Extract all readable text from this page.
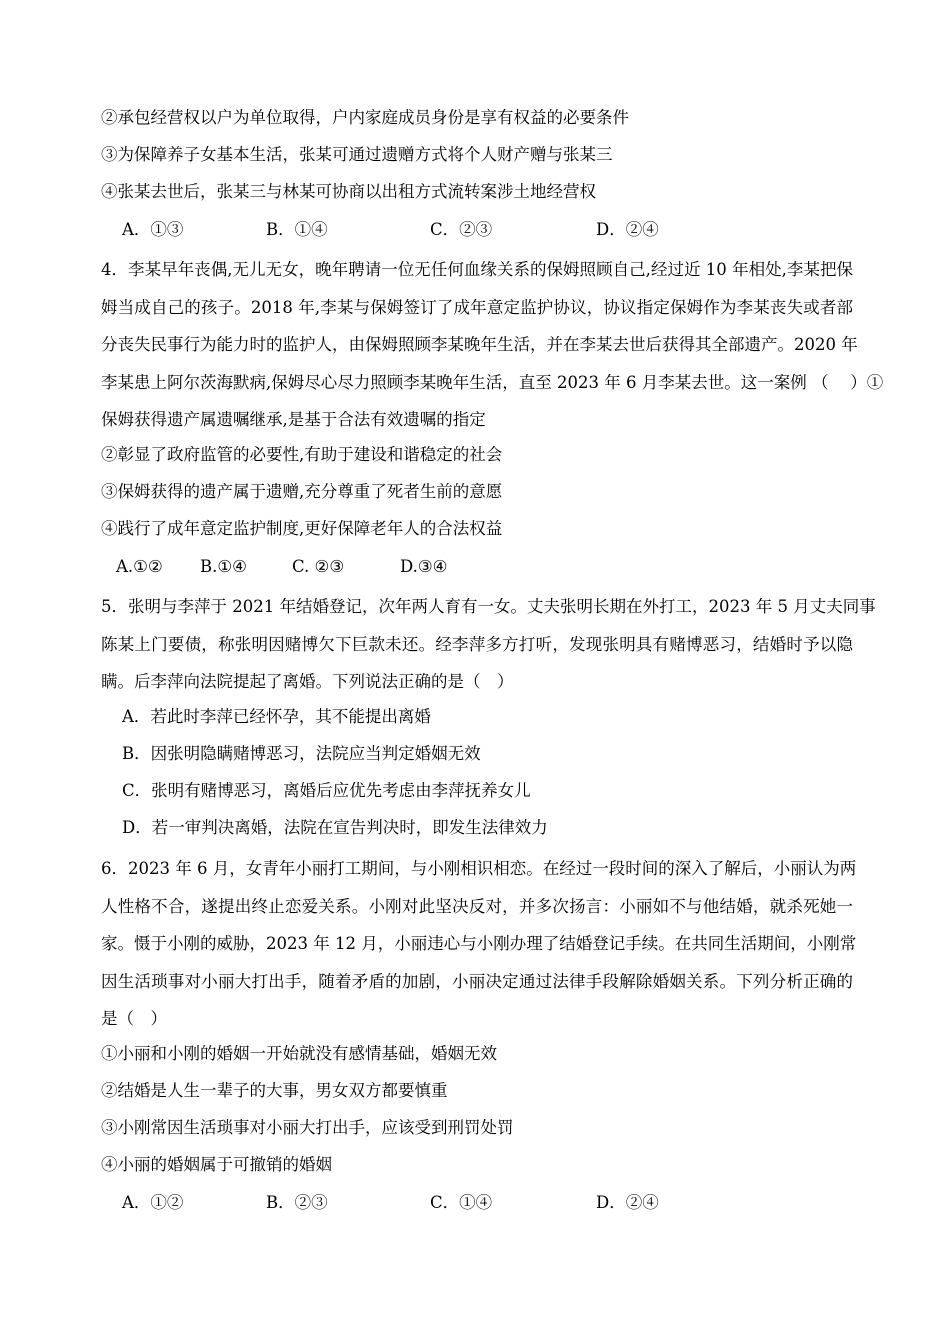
②承包经营权以户为单位取得，户内家庭成员身份是享有权益的必要条件
③为保障养子女基本生活，张某可通过遗赠方式将个人财产赠与张某三
④张某去世后，张某三与林某可协商以出租方式流转案涉土地经营权
A．①③	B．①④	C．②③	D．②④
4．李某早年丧偶,无儿无女，晚年聘请一位无任何血缘关系的保姆照顾自己,经过近 10 年相处,李某把保
姆当成自己的孩子。2018 年,李某与保姆签订了成年意定监护协议，协议指定保姆作为李某丧失或者部
分丧失民事行为能力时的监护人，由保姆照顾李某晚年生活，并在李某去世后获得其全部遗产。2020 年
李某患上阿尔茨海默病,保姆尽心尽力照顾李某晚年生活，直至 2023 年 6 月李某去世。这一案例 （　 ）①
保姆获得遗产属遗嘱继承,是基于合法有效遗嘱的指定
②彰显了政府监管的必要性,有助于建设和谐稳定的社会
③保姆获得的遗产属于遗赠,充分尊重了死者生前的意愿
④践行了成年意定监护制度,更好保障老年人的合法权益
A.①② B.①④	C. ②③	D.③④
5．张明与李萍于 2021 年结婚登记，次年两人育有一女。丈夫张明长期在外打工，2023 年 5 月丈夫同事
陈某上门要债，称张明因赌博欠下巨款未还。经李萍多方打听，发现张明具有赌博恶习，结婚时予以隐
瞒。后李萍向法院提起了离婚。下列说法正确的是（　）
A．若此时李萍已经怀孕，其不能提出离婚
B．因张明隐瞒赌博恶习，法院应当判定婚姻无效
C．张明有赌博恶习，离婚后应优先考虑由李萍抚养女儿
D．若一审判决离婚，法院在宣告判决时，即发生法律效力
6．2023 年 6 月，女青年小丽打工期间，与小刚相识相恋。在经过一段时间的深入了解后，小丽认为两
人性格不合，遂提出终止恋爱关系。小刚对此坚决反对，并多次扬言：小丽如不与他结婚，就杀死她一
家。慑于小刚的威胁，2023 年 12 月，小丽违心与小刚办理了结婚登记手续。在共同生活期间，小刚常
因生活琐事对小丽大打出手，随着矛盾的加剧，小丽决定通过法律手段解除婚姻关系。下列分析正确的
是（　）
①小丽和小刚的婚姻一开始就没有感情基础，婚姻无效
②结婚是人生一辈子的大事，男女双方都要慎重
③小刚常因生活琐事对小丽大打出手，应该受到刑罚处罚
④小丽的婚姻属于可撤销的婚姻
A．①②	B．②③	C．①④	D．②④
